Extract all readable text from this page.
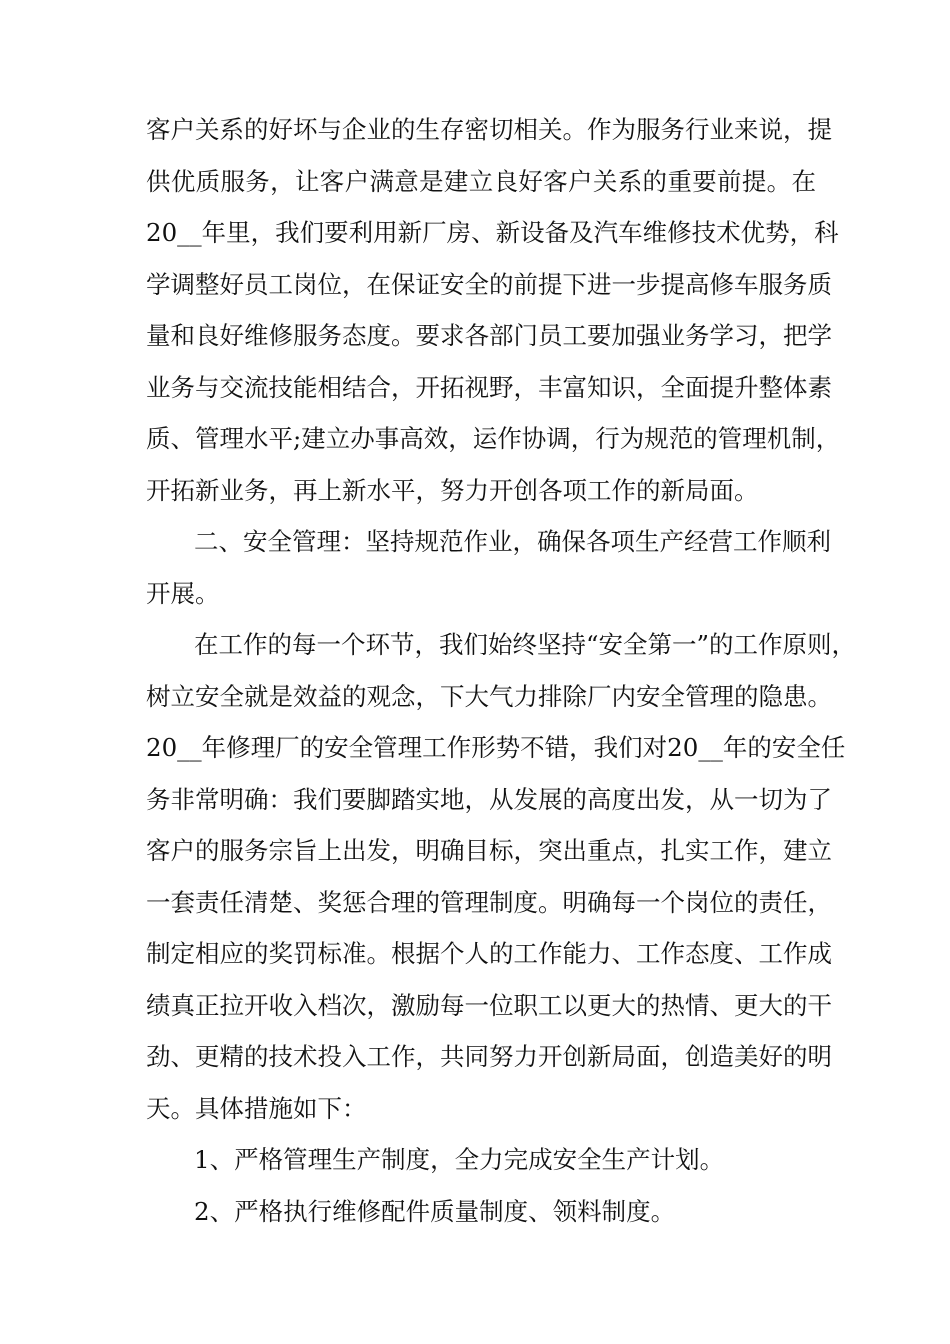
客户关系的好坏与企业的生存密切相关。作为服务行业来说，提
供优质服务，让客户满意是建立良好客户关系的重要前提。在
20__年里，我们要利用新厂房、新设备及汽车维修技术优势，科
学调整好员工岗位，在保证安全的前提下进一步提高修车服务质
量和良好维修服务态度。要求各部门员工要加强业务学习，把学
业务与交流技能相结合，开拓视野，丰富知识，全面提升整体素
质、管理水平;建立办事高效，运作协调，行为规范的管理机制，
开拓新业务，再上新水平，努力开创各项工作的新局面。
二、安全管理：坚持规范作业，确保各项生产经营工作顺利
开展。
在工作的每一个环节，我们始终坚持“安全第一”的工作原则，
树立安全就是效益的观念，下大气力排除厂内安全管理的隐患。
20__年修理厂的安全管理工作形势不错，我们对20__年的安全任
务非常明确：我们要脚踏实地，从发展的高度出发，从一切为了
客户的服务宗旨上出发，明确目标，突出重点，扎实工作，建立
一套责任清楚、奖惩合理的管理制度。明确每一个岗位的责任，
制定相应的奖罚标准。根据个人的工作能力、工作态度、工作成
绩真正拉开收入档次，激励每一位职工以更大的热情、更大的干
劲、更精的技术投入工作，共同努力开创新局面，创造美好的明
天。具体措施如下：
1、严格管理生产制度，全力完成安全生产计划。
2、严格执行维修配件质量制度、领料制度。
